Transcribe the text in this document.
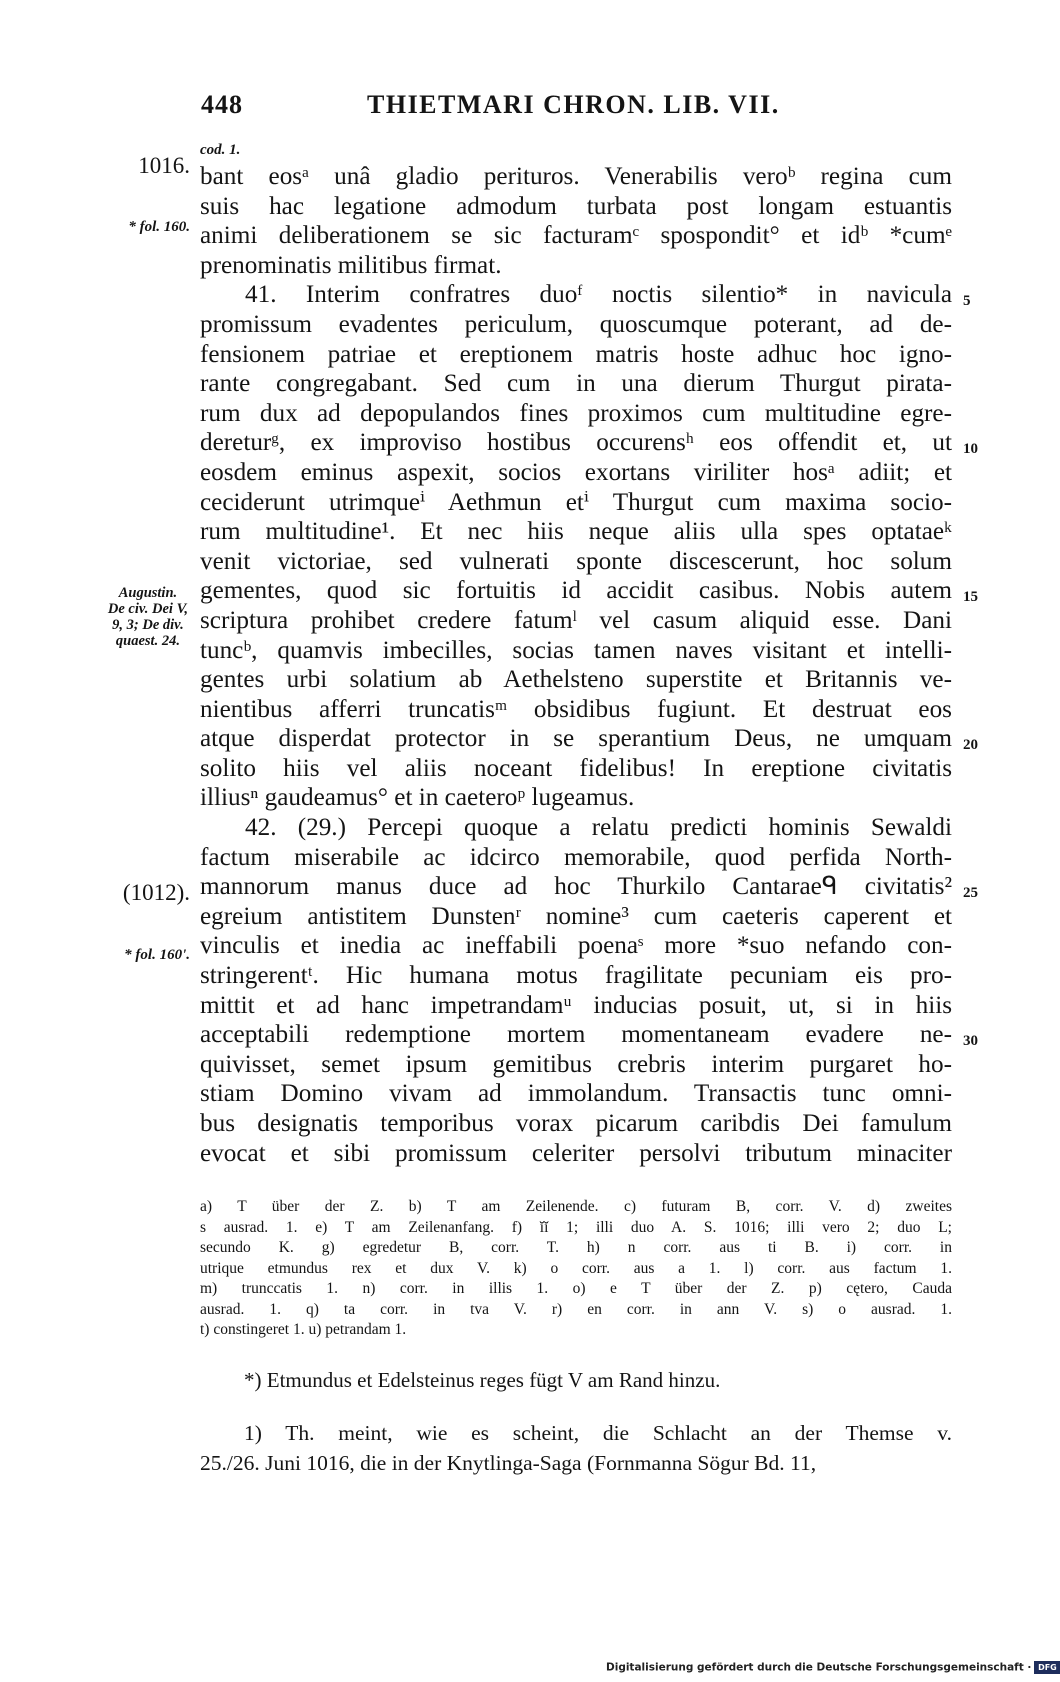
448	THIETMARI CHRON. LIB. VII.
cod. 1.
1016.
* fol. 160.
Augustin.
De civ. Dei V,
9, 3; De div.
quaest. 24.
(1012).
* fol. 160'.
5
10
15
20
25
30
bant eosᵃ unâ gladio perituros. Venerabilis veroᵇ regina cum
suis hac legatione admodum turbata post longam estuantis
animi deliberationem se sic facturamᶜ spospondit° et idᵇ *cumᵉ
prenominatis militibus firmat.
41. Interim confratres duoᶠ noctis silentio* in navicula
promissum evadentes periculum, quoscumque poterant, ad de-
fensionem patriae et ereptionem matris hoste adhuc hoc igno-
rante congregabant. Sed cum in una dierum Thurgut pirata-
rum dux ad depopulandos fines proximos cum multitudine egre-
dereturᵍ, ex improviso hostibus occurensʰ eos offendit et, ut
eosdem eminus aspexit, socios exortans viriliter hosᵃ adiit; et
ceciderunt utrimqueⁱ Aethmun etⁱ Thurgut cum maxima socio-
rum multitudine¹. Et nec hiis neque aliis ulla spes optataeᵏ
venit victoriae, sed vulnerati sponte discescerunt, hoc solum
gementes, quod sic fortuitis id accidit casibus. Nobis autem
scriptura prohibet credere fatumˡ vel casum aliquid esse. Dani
tuncᵇ, quamvis imbecilles, socias tamen naves visitant et intelli-
gentes urbi solatium ab Aethelsteno superstite et Britannis ve-
nientibus afferri truncatisᵐ obsidibus fugiunt. Et destruat eos
atque disperdat protector in se sperantium Deus, ne umquam
solito hiis vel aliis noceant fidelibus! In ereptione civitatis
illiusⁿ gaudeamus° et in caeteroᵖ lugeamus.
42. (29.) Percepi quoque a relatu predicti hominis Sewaldi
factum miserabile ac idcirco memorabile, quod perfida North-
mannorum manus duce ad hoc Thurkilo Cantaraeᑫ civitatis²
egreium antistitem Dunstenʳ nomine³ cum caeteris caperent et
vinculis et inedia ac ineffabili poenaˢ more *suo nefando con-
stringerentᵗ. Hic humana motus fragilitate pecuniam eis pro-
mittit et ad hanc impetrandamᵘ inducias posuit, ut, si in hiis
acceptabili redemptione mortem momentaneam evadere ne-
quivisset, semet ipsum gemitibus crebris interim purgaret ho-
stiam Domino vivam ad immolandum. Transactis tunc omni-
bus designatis temporibus vorax picarum caribdis Dei famulum
evocat et sibi promissum celeriter persolvi tributum minaciter
a) T über der Z. b) T am Zeilenende. c) futuram B, corr. V. d) zweites
s ausrad. 1. e) T am Zeilenanfang. f) ĭĭ 1; illi duo A. S. 1016; illi vero 2; duo L;
secundo K. g) egredetur B, corr. T. h) n corr. aus ti B. i) corr. in
utrique etmundus rex et dux V. k) o corr. aus a 1. l) corr. aus factum 1.
m) trunccatis 1. n) corr. in illis 1. o) e T über der Z. p) cętero, Cauda
ausrad. 1. q) ta corr. in tva V. r) en corr. in ann V. s) o ausrad. 1.
t) constingeret 1. u) petrandam 1.
*) Etmundus et Edelsteinus reges fügt V am Rand hinzu.
1) Th. meint, wie es scheint, die Schlacht an der Themse v.
25./26. Juni 1016, die in der Knytlinga-Saga (Fornmanna Sögur Bd. 11,
Digitalisierung gefördert durch die Deutsche Forschungsgemeinschaft · DFG
